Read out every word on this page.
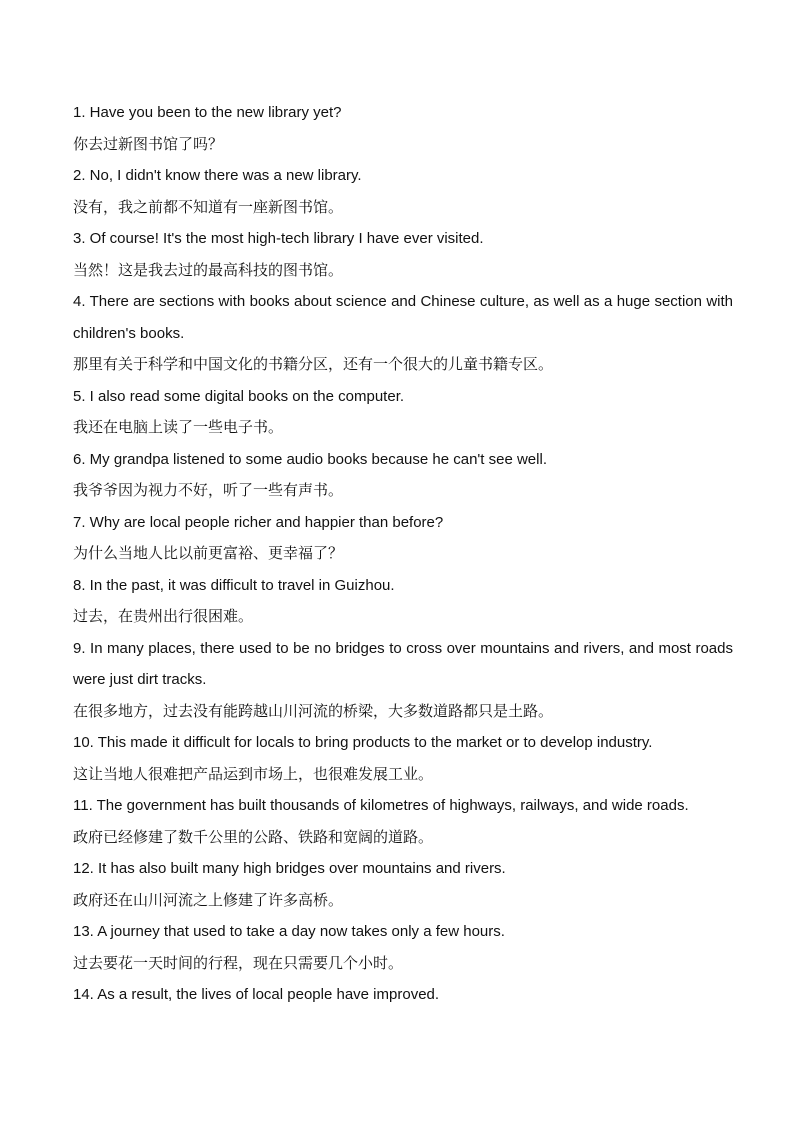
1. Have you been to the new library yet?
你去过新图书馆了吗？
2. No, I didn't know there was a new library.
没有，我之前都不知道有一座新图书馆。
3. Of course! It's the most high-tech library I have ever visited.
当然！这是我去过的最高科技的图书馆。
4. There are sections with books about science and Chinese culture, as well as a huge section with children's books.
那里有关于科学和中国文化的书籍分区，还有一个很大的儿童书籍专区。
5. I also read some digital books on the computer.
我还在电脑上读了一些电子书。
6. My grandpa listened to some audio books because he can't see well.
我爷爷因为视力不好，听了一些有声书。
7. Why are local people richer and happier than before?
为什么当地人比以前更富裕、更幸福了？
8. In the past, it was difficult to travel in Guizhou.
过去，在贵州出行很困难。
9. In many places, there used to be no bridges to cross over mountains and rivers, and most roads were just dirt tracks.
在很多地方，过去没有能跨越山川河流的桥梁，大多数道路都只是土路。
10. This made it difficult for locals to bring products to the market or to develop industry.
这让当地人很难把产品运到市场上，也很难发展工业。
11. The government has built thousands of kilometres of highways, railways, and wide roads.
政府已经修建了数千公里的公路、铁路和宽阔的道路。
12. It has also built many high bridges over mountains and rivers.
政府还在山川河流之上修建了许多高桥。
13. A journey that used to take a day now takes only a few hours.
过去要花一天时间的行程，现在只需要几个小时。
14. As a result, the lives of local people have improved.
